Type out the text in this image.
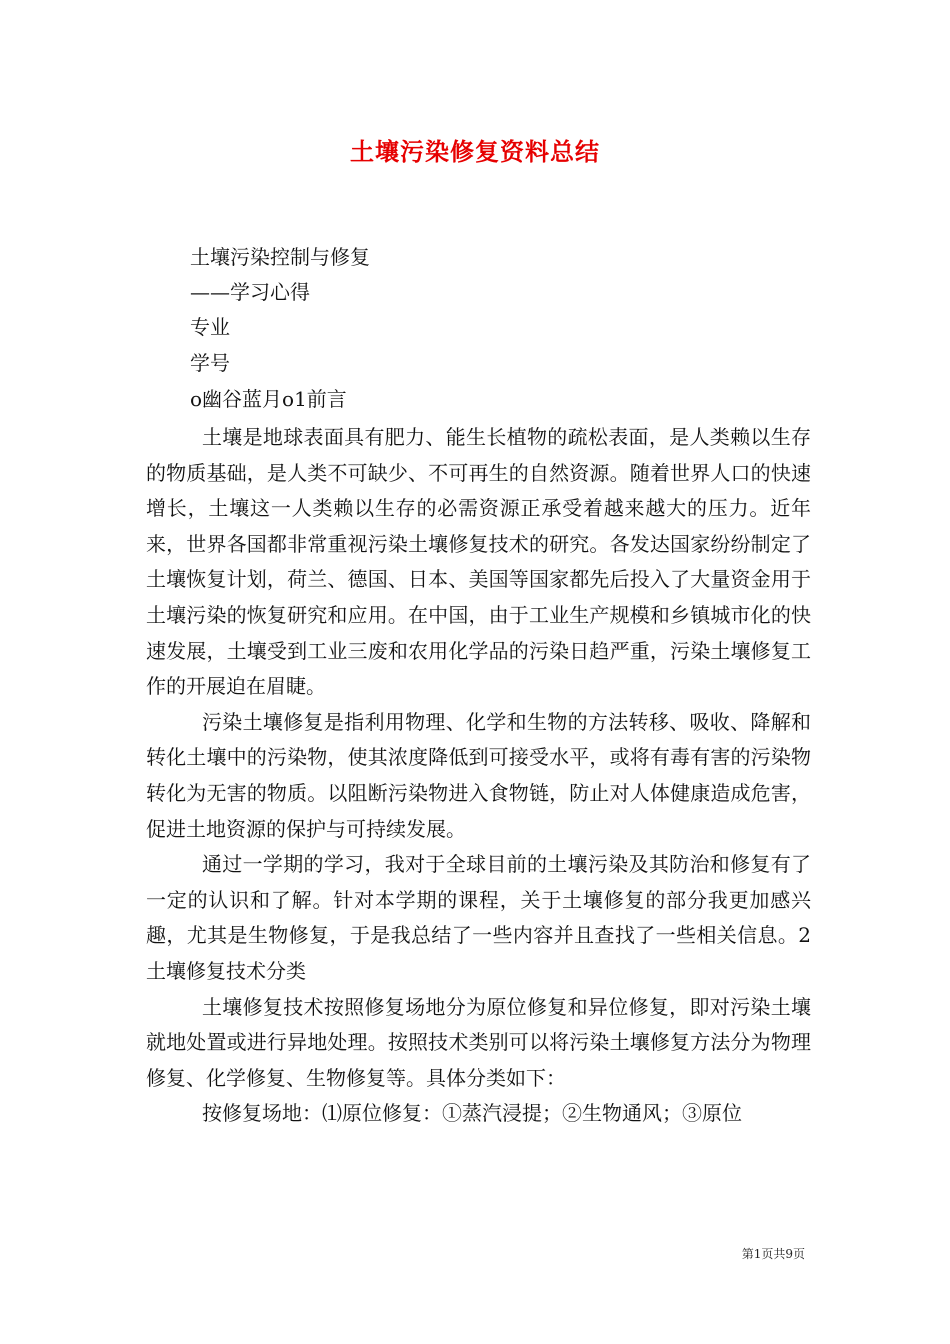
土壤污染修复资料总结
土壤污染控制与修复
——学习心得
专业
学号
o幽谷蓝月o1前言

土壤是地球表面具有肥力、能生长植物的疏松表面，是人类赖以生存的物质基础，是人类不可缺少、不可再生的自然资源。随着世界人口的快速增长，土壤这一人类赖以生存的必需资源正承受着越来越大的压力。近年来，世界各国都非常重视污染土壤修复技术的研究。各发达国家纷纷制定了土壤恢复计划，荷兰、德国、日本、美国等国家都先后投入了大量资金用于土壤污染的恢复研究和应用。在中国，由于工业生产规模和乡镇城市化的快速发展，土壤受到工业三废和农用化学品的污染日趋严重，污染土壤修复工作的开展迫在眉睫。

污染土壤修复是指利用物理、化学和生物的方法转移、吸收、降解和转化土壤中的污染物，使其浓度降低到可接受水平，或将有毒有害的污染物转化为无害的物质。以阻断污染物进入食物链，防止对人体健康造成危害，促进土地资源的保护与可持续发展。

通过一学期的学习，我对于全球目前的土壤污染及其防治和修复有了一定的认识和了解。针对本学期的课程，关于土壤修复的部分我更加感兴趣，尤其是生物修复，于是我总结了一些内容并且查找了一些相关信息。2土壤修复技术分类

土壤修复技术按照修复场地分为原位修复和异位修复，即对污染土壤就地处置或进行异地处理。按照技术类别可以将污染土壤修复方法分为物理修复、化学修复、生物修复等。具体分类如下：

按修复场地：⑴原位修复：①蒸汽浸提；②生物通风；③原位

第1页共9页
